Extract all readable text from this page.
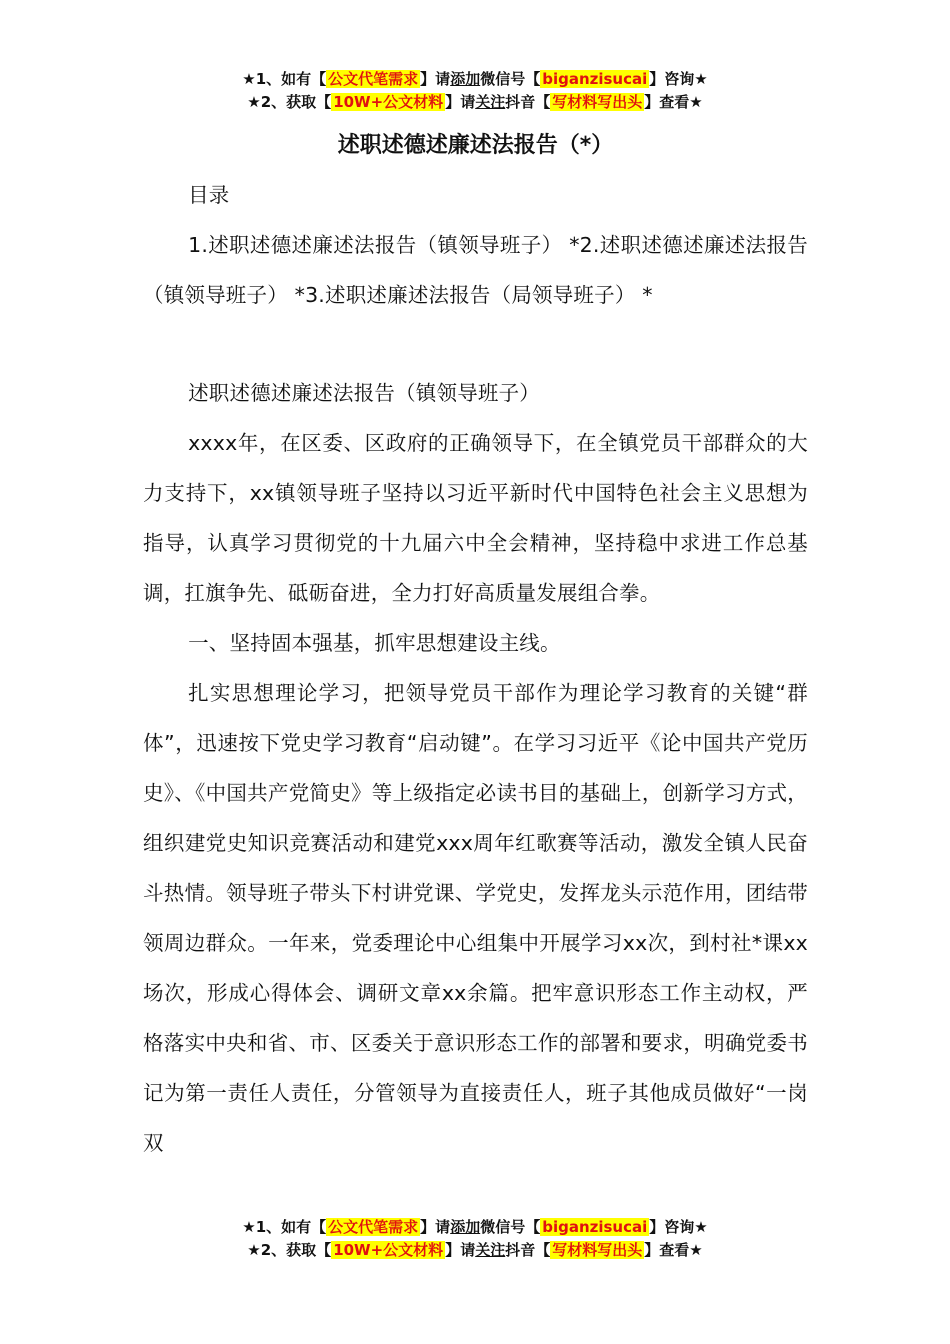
★1、如有【 公文代笔需求 】请添加微信号【 biganzisucai 】咨询★
★2、获取【 10W+公文材料 】请关注抖音【 写材料写出头 】查看★
述职述德述廉述法报告（*）

目录

1.述职述德述廉述法报告（镇领导班子） *2.述职述德述廉述法报告（镇领导班子） *3.述职述廉述法报告（局领导班子） *

述职述德述廉述法报告（镇领导班子）

xxxx年，在区委、区政府的正确领导下，在全镇党员干部群众的大力支持下，xx镇领导班子坚持以习近平新时代中国特色社会主义思想为指导，认真学习贯彻党的十九届六中全会精神，坚持稳中求进工作总基调，扛旗争先、砥砺奋进，全力打好高质量发展组合拳。

一、坚持固本强基，抓牢思想建设主线。

扎实思想理论学习，把领导党员干部作为理论学习教育的关键“群体”，迅速按下党史学习教育“启动键”。在学习习近平《论中国共产党历史》、《中国共产党简史》等上级指定必读书目的基础上，创新学习方式，组织建党史知识竞赛活动和建党xxx周年红歌赛等活动，激发全镇人民奋斗热情。领导班子带头下村讲党课、学党史，发挥龙头示范作用，团结带领周边群众。一年来，党委理论中心组集中开展学习xx次，到村社*课xx场次，形成心得体会、调研文章xx余篇。把牢意识形态工作主动权，严格落实中央和省、市、区委关于意识形态工作的部署和要求，明确党委书记为第一责任人责任，分管领导为直接责任人，班子其他成员做好“一岗双

★1、如有【 公文代笔需求 】请添加微信号【 biganzisucai 】咨询★
★2、获取【 10W+公文材料 】请关注抖音【 写材料写出头 】查看★
